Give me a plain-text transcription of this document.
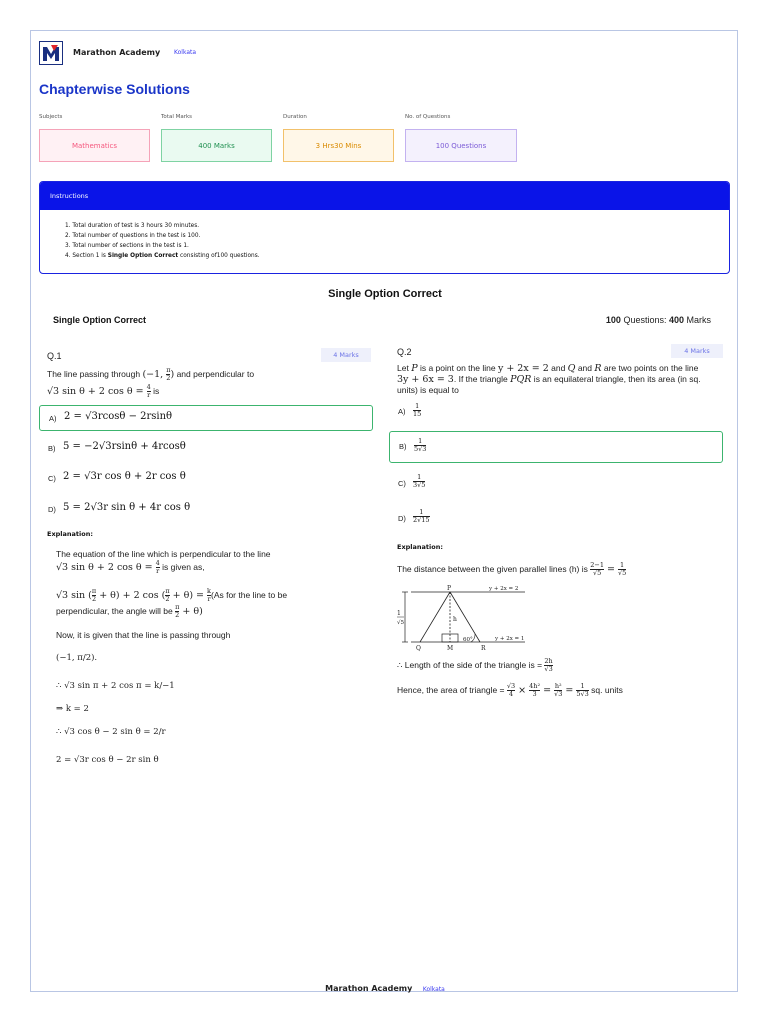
Marathon Academy Kolkata
Chapterwise Solutions
Subjects	Total Marks	Duration	No. of Questions
Mathematics	400 Marks	3 Hrs30 Mins	100 Questions
Instructions
1. Total duration of test is 3 hours 30 minutes.
2. Total number of questions in the test is 100.
3. Total number of sections in the test is 1.
4. Section 1 is Single Option Correct consisting of100 questions.
Single Option Correct
Single Option Correct	100 Questions: 400 Marks
Q.1	4 Marks
The line passing through (−1, $\frac{\pi}{2}$ ) and perpendicular to
√3 sin θ + 2 $\cos \theta = \frac{4}{r}$ is
A) 2 = √3rcosθ − 2rsinθ
B) 5 = −2√3rsinθ + 4rcosθ
C) 2 = √3r cos θ + 2r cos θ
D) 5 = 2√3r sin θ + 4r cos θ
Explanation:
The equation of the line which is perpendicular to the line
√3 sin θ + 2 $\cos \theta = \frac{4}{r}$ is given as,
√3 sin ( $\frac{\pi}{2} + \theta) + 2$ cos ( $\frac{\pi}{2} + \theta) = \frac{k}{r} (As$ for the line to be
perpendicular, the angle will be $\frac{\pi}{2} + \theta$)
Now, it is given that the line is passing through
(−1, π/2).
∴ √3 sin π + 2 cos π = k/−1
⇒ k = 2
∴ √3 cos θ − 2 sin θ = 2/r
2 = √3r cos θ − 2r sin θ
Q.2	4 Marks
Let P is a point on the line y + 2x = 2 and Q and R are two points on the line
3y + 6x = 3. If the triangle PQR is an equilateral triangle, then its area (in sq.
units) is equal to
$A) \frac{1}{15}$
$B) \frac{1}{5√3}$
$C) \frac{1}{3√5}$
$D) \frac{1}{2√15}$
Explanation:
The distance between the given parallel lines (h) is $\frac{2-1}{√5} = \frac{1}{√5}$
1
√5
P
Q	M	R
h
60°
y + 2x = 2
y + 2x = 1
∴ Length of the side of the triangle is = $\frac{2h}{√3}$
Hence, the area of triangle = $\frac{√3}{4} \times \frac{\text{4h²}}{3} = \frac{\text{h²}}{√3} = \frac{1}{5√3}$ sq. units
Marathon Academy Kolkata
